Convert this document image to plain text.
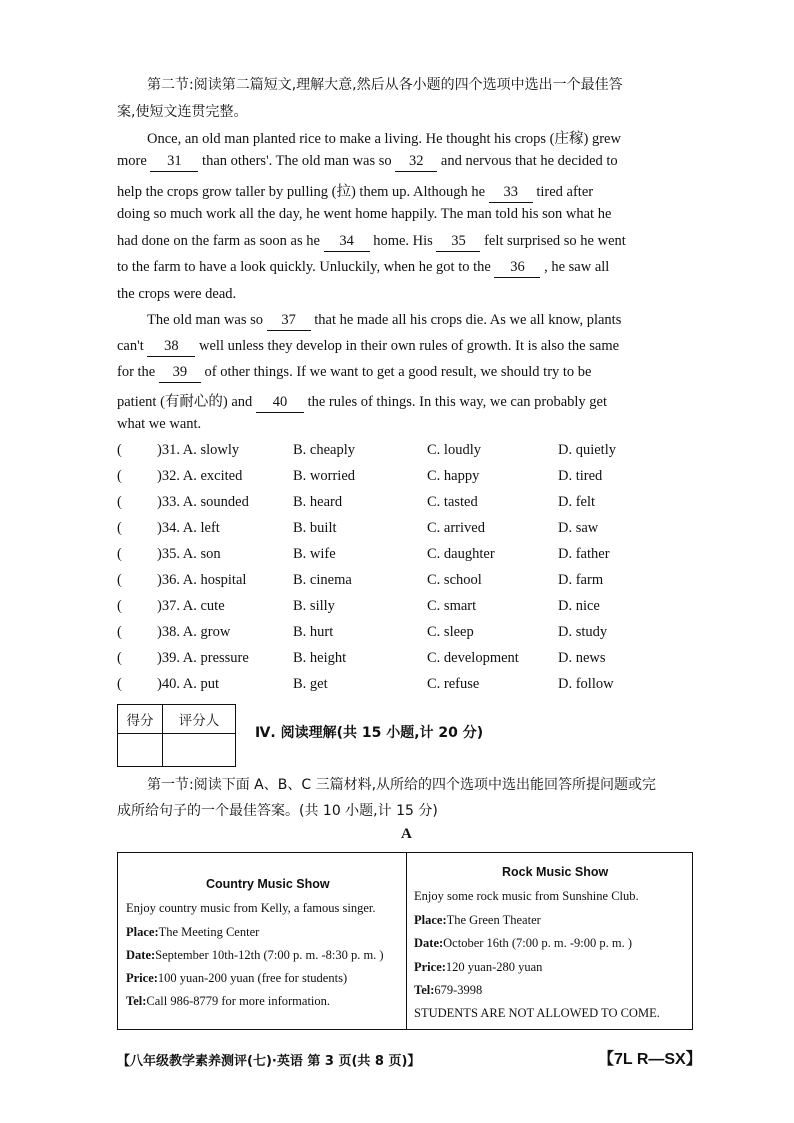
第二节:阅读第二篇短文,理解大意,然后从各小题的四个选项中选出一个最佳答
案,使短文连贯完整。
Once, an old man planted rice to make a living. He thought his crops (庄稼) grew
more 31 than others'. The old man was so 32 and nervous that he decided to
help the crops grow taller by pulling (拉) them up. Although he 33 tired after
doing so much work all the day, he went home happily. The man told his son what he
had done on the farm as soon as he 34 home. His 35 felt surprised so he went
to the farm to have a look quickly. Unluckily, when he got to the 36 , he saw all
the crops were dead.
The old man was so 37 that he made all his crops die. As we all know, plants
can't 38 well unless they develop in their own rules of growth. It is also the same
for the 39 of other things. If we want to get a good result, we should try to be
patient (有耐心的) and 40 the rules of things. In this way, we can probably get
what we want.
( )31. A. slowly	B. cheaply	C. loudly	D. quietly
( )32. A. excited	B. worried	C. happy	D. tired
( )33. A. sounded	B. heard	C. tasted	D. felt
( )34. A. left	B. built	C. arrived	D. saw
( )35. A. son	B. wife	C. daughter	D. father
( )36. A. hospital	B. cinema	C. school	D. farm
( )37. A. cute	B. silly	C. smart	D. nice
( )38. A. grow	B. hurt	C. sleep	D. study
( )39. A. pressure	B. height	C. development	D. news
( )40. A. put	B. get	C. refuse	D. follow
得分	评分人

Ⅳ. 阅读理解(共 15 小题,计 20 分)
第一节:阅读下面 A、B、C 三篇材料,从所给的四个选项中选出能回答所提问题或完
成所给句子的一个最佳答案。(共 10 小题,计 15 分)
A
Country Music Show
Enjoy country music from Kelly, a famous singer.
Place:The Meeting Center
Date:September 10th-12th (7:00 p. m. -8:30 p. m. )
Price:100 yuan-200 yuan (free for students)
Tel:Call 986-8779 for more information.
Rock Music Show
Enjoy some rock music from Sunshine Club.
Place:The Green Theater
Date:October 16th (7:00 p. m. -9:00 p. m. )
Price:120 yuan-280 yuan
Tel:679-3998
STUDENTS ARE NOT ALLOWED TO COME.
【八年级教学素养测评(七)·英语 第 3 页(共 8 页)】	【7L R—SX】
